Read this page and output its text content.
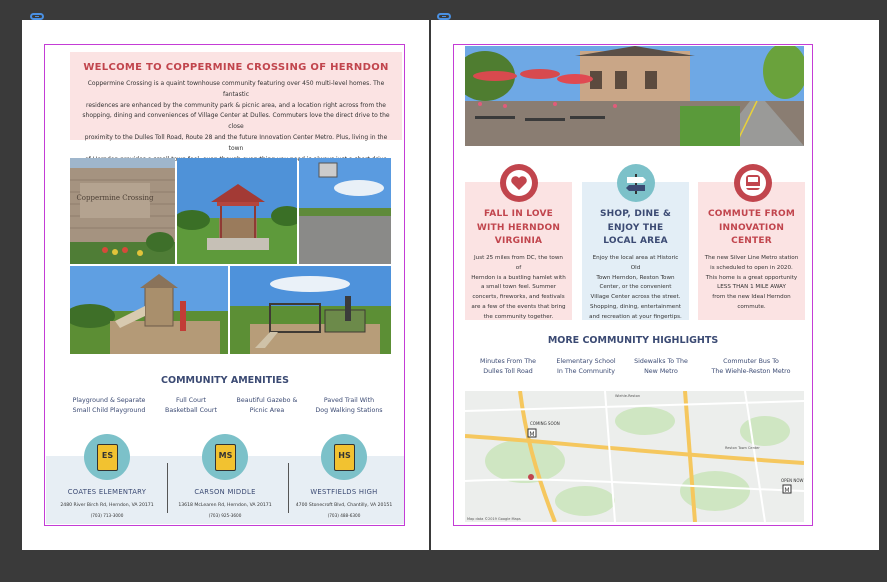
WELCOME TO COPPERMINE CROSSING OF HERNDON
Coppermine Crossing is a quaint townhouse community featuring over 450 multi-level homes. The fantastic
residences are enhanced by the community park & picnic area, and a location right across from the
shopping, dining and conveniences of Village Center at Dulles. Commuters love the direct drive to the close
proximity to the Dulles Toll Road, Route 28 and the future Innovation Center Metro. Plus, living in the town
need
Coppermine Crossing
COMMUNITY AMENITIES
Playground & Separate
Small Child Playground
Full Court
Basketball Court
Beautiful Gazebo &
Picnic Area
Paved Trail With
Dog Walking Stations
ES
COATES ELEMENTARY
2480 River Birch Rd, Herndon, VA 20171
(703) 713-3000
MS
CARSON MIDDLE
13618 McLearen Rd, Herndon, VA 20171
(703) 925-3600
HS
WESTFIELDS HIGH
4700 Stonecroft Blvd, Chantilly, VA 20151
(703) 488-6300
FALL IN LOVE
WITH HERNDON
VIRGINIA
Just 25 miles from DC, the town of
Herndon is a bustling hamlet with
a small town feel. Summer
concerts, fireworks, and festivals
are a few of the events that bring
the community together.
SHOP, DINE &
ENJOY THE
LOCAL AREA
Enjoy the local area at Historic Old
Town Herndon, Reston Town
Center, or the convenient
Village Center across the street.
Shopping, dining, entertainment
and recreation at your fingertips.
COMMUTE FROM
INNOVATION
CENTER
The new Silver Line Metro station
is scheduled to open in 2020.
This home is a great opportunity
LESS THAN 1 MILE AWAY
from the new Ideal Herndon
commute.
MORE COMMUNITY HIGHLIGHTS
Minutes From The
Dulles Toll Road
Elementary School
In The Community
Sidewalks To The
New Metro
Commuter Bus To
The Wiehle-Reston Metro
COMING SOON
M
OPEN NOW
M
Wiehle-Reston
Reston Town Center
Map data ©2019 Google Maps
